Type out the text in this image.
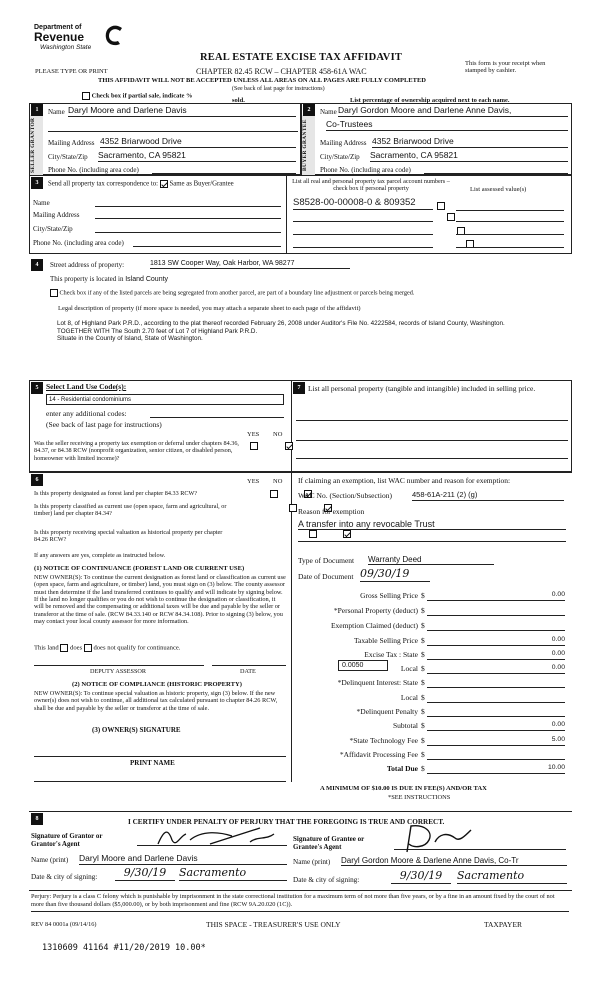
Department of
Revenue
Washington State
PLEASE TYPE OR PRINT
REAL ESTATE EXCISE TAX AFFIDAVIT
CHAPTER 82.45 RCW – CHAPTER 458-61A WAC
This form is your receipt when stamped by cashier.
THIS AFFIDAVIT WILL NOT BE ACCEPTED UNLESS ALL AREAS ON ALL PAGES ARE FULLY COMPLETED
(See back of last page for instructions)
Check box if partial sale, indicate %
sold.	List percentage of ownership acquired next to each name.
SELLER GRANTOR
1	Name Daryl Moore and Darlene Davis
Mailing Address 4352 Briarwood Drive
City/State/Zip Sacramento, CA 95821
Phone No. (including area code)	BUYER GRANTEE
2	Name Daryl Gordon Moore and Darlene Anne Davis,
Co-Trustees
Mailing Address 4352 Briarwood Drive
City/State/Zip Sacramento, CA 95821
Phone No. (including area code)
3	Send all property tax correspondence to: Same as Buyer/Grantee
Name
Mailing Address
City/State/Zip
Phone No. (including area code)
List all real and personal property tax parcel account numbers – check box if personal property	List assessed value(s)
S8528-00-00008-0 & 809352

4	Street address of property:	1813 SW Cooper Way, Oak Harbor, WA 98277
This property is located in Island County
Check box if any of the listed parcels are being segregated from another parcel, are part of a boundary line adjustment or parcels being merged.
Legal description of property (if more space is needed, you may attach a separate sheet to each page of the affidavit)
Lot 8, of Highland Park P.R.D., according to the plat thereof recorded February 26, 2008 under Auditor's File No. 4222584, records of Island County, Washington.
TOGETHER WITH The South 2.70 feet of Lot 7 of Highland Park P.R.D.
Situate in the County of Island, State of Washington.
5	Select Land Use Code(s):
14 - Residential condominiums
enter any additional codes:
(See back of last page for instructions)
YES NO
Was the seller receiving a property tax exemption or deferral under chapters 84.36, 84.37, or 84.38 RCW (nonprofit organization, senior citizen, or disabled person, homeowner with limited income)?

7	List all personal property (tangible and intangible) included in selling price.
6	YES NO
Is this property designated as forest land per chapter 84.33 RCW?

Is this property classified as current use (open space, farm and agricultural, or timber) land per chapter 84.34?

Is this property receiving special valuation as historical property per chapter 84.26 RCW?

If any answers are yes, complete as instructed below.
(1) NOTICE OF CONTINUANCE (FOREST LAND OR CURRENT USE)
NEW OWNER(S): To continue the current designation as forest land or classification as current use (open space, farm and agriculture, or timber) land, you must sign on (3) below. The county assessor must then determine if the land transferred continues to qualify and will indicate by signing below. If the land no longer qualifies or you do not wish to continue the designation or classification, it will be removed and the compensating or additional taxes will be due and payable by the seller or transferor at the time of sale. (RCW 84.33.140 or RCW 84.34.108). Prior to signing (3) below, you may contact your local county assessor for more information.
This land does does not qualify for continuance.
DEPUTY ASSESSOR	DATE
(2) NOTICE OF COMPLIANCE (HISTORIC PROPERTY)
NEW OWNER(S): To continue special valuation as historic property, sign (3) below. If the new owner(s) does not wish to continue, all additional tax calculated pursuant to chapter 84.26 RCW, shall be due and payable by the seller or transferor at the time of sale.
(3) OWNER(S) SIGNATURE
PRINT NAME
If claiming an exemption, list WAC number and reason for exemption:
WAC No. (Section/Subsection)	458-61A-211 (2) (g)
Reason for exemption
A transfer into any revocable Trust
Type of Document Warranty Deed
Date of Document 09/30/19
Gross Selling Price $	0.00
*Personal Property (deduct) $
Exemption Claimed (deduct) $
Taxable Selling Price $	0.00
Excise Tax : State $	0.00
Local $	0.00
*Delinquent Interest: State $
Local $
*Delinquent Penalty $
Subtotal $	0.00
*State Technology Fee $	5.00
*Affidavit Processing Fee $
Total Due $	10.00
0.0050
A MINIMUM OF $10.00 IS DUE IN FEE(S) AND/OR TAX
*SEE INSTRUCTIONS
8	I CERTIFY UNDER PENALTY OF PERJURY THAT THE FOREGOING IS TRUE AND CORRECT.
Signature of Grantor or Grantor's Agent
Signature of Grantee or Grantee's Agent
Name (print) Daryl Moore and Darlene Davis	Name (print) Daryl Gordon Moore & Darlene Anne Davis, Co-Tr
Date & city of signing:	9/30/19	Sacramento
Date & city of signing:	9/30/19	Sacramento
Perjury: Perjury is a class C felony which is punishable by imprisonment in the state correctional institution for a maximum term of not more than five years, or by a fine in an amount fixed by the court of not more than five thousand dollars ($5,000.00), or by both imprisonment and fine (RCW 9A.20.020 (1C)).
REV 84 0001a (09/14/16)	THIS SPACE - TREASURER'S USE ONLY	TAXPAYER
1310609 41164 #11/20/2019 10.00*
